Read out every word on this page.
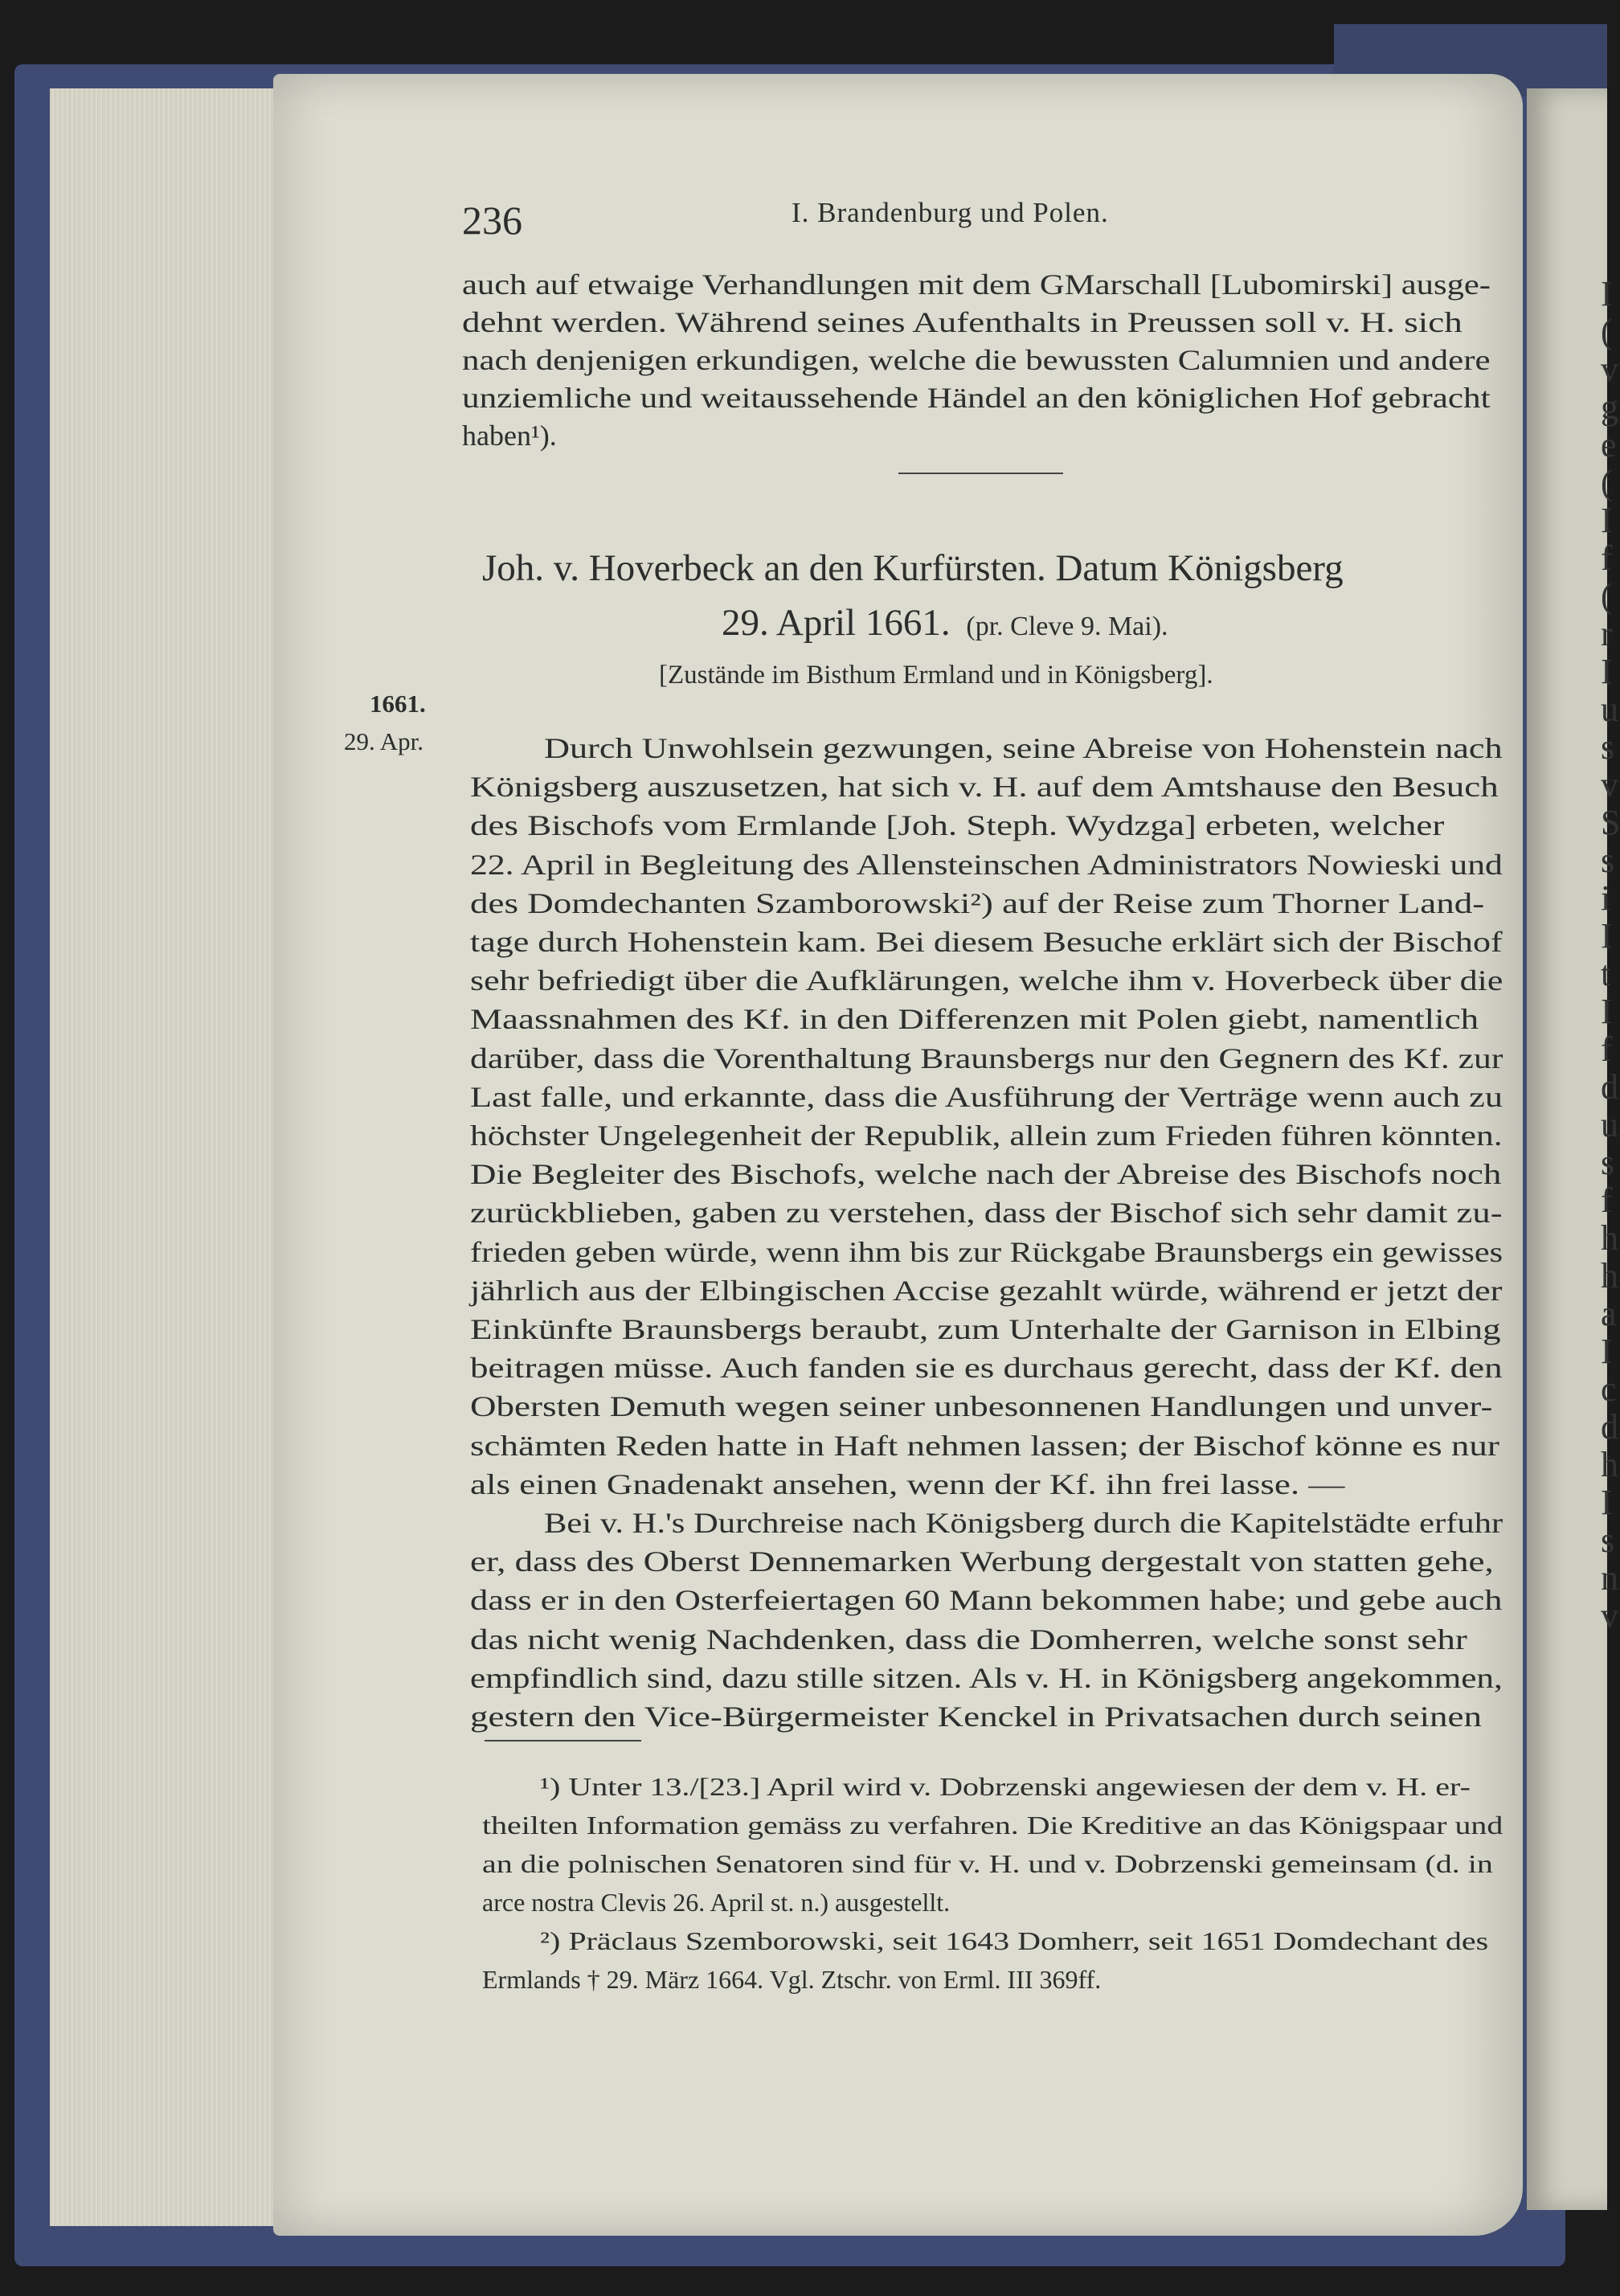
I
(
v
g
e
(
I
f
(
r
I
u
s
v
S
s
i
I
t
I
f
d
u
s
f
h
h
a
I
c
d
h
I
s
n
v
236	I. Brandenburg und Polen.
auch auf etwaige Verhandlungen mit dem GMarschall [Lubomirski] ausge-
dehnt werden. Während seines Aufenthalts in Preussen soll v. H. sich
nach denjenigen erkundigen, welche die bewussten Calumnien und andere
unziemliche und weitaussehende Händel an den königlichen Hof gebracht
haben¹).
Joh. v. Hoverbeck an den Kurfürsten. Datum Königsberg
29. April 1661. (pr. Cleve 9. Mai).
[Zustände im Bisthum Ermland und in Königsberg].
1661.
29. Apr.	Durch Unwohlsein gezwungen, seine Abreise von Hohenstein nach
Königsberg auszusetzen, hat sich v. H. auf dem Amtshause den Besuch
des Bischofs vom Ermlande [Joh. Steph. Wydzga] erbeten, welcher
22. April in Begleitung des Allensteinschen Administrators Nowieski und
des Domdechanten Szamborowski²) auf der Reise zum Thorner Land-
tage durch Hohenstein kam. Bei diesem Besuche erklärt sich der Bischof
sehr befriedigt über die Aufklärungen, welche ihm v. Hoverbeck über die
Maassnahmen des Kf. in den Differenzen mit Polen giebt, namentlich
darüber, dass die Vorenthaltung Braunsbergs nur den Gegnern des Kf. zur
Last falle, und erkannte, dass die Ausführung der Verträge wenn auch zu
höchster Ungelegenheit der Republik, allein zum Frieden führen könnten.
Die Begleiter des Bischofs, welche nach der Abreise des Bischofs noch
zurückblieben, gaben zu verstehen, dass der Bischof sich sehr damit zu-
frieden geben würde, wenn ihm bis zur Rückgabe Braunsbergs ein gewisses
jährlich aus der Elbingischen Accise gezahlt würde, während er jetzt der
Einkünfte Braunsbergs beraubt, zum Unterhalte der Garnison in Elbing
beitragen müsse. Auch fanden sie es durchaus gerecht, dass der Kf. den
Obersten Demuth wegen seiner unbesonnenen Handlungen und unver-
schämten Reden hatte in Haft nehmen lassen; der Bischof könne es nur
als einen Gnadenakt ansehen, wenn der Kf. ihn frei lasse. —
Bei v. H.'s Durchreise nach Königsberg durch die Kapitelstädte erfuhr
er, dass des Oberst Dennemarken Werbung dergestalt von statten gehe,
dass er in den Osterfeiertagen 60 Mann bekommen habe; und gebe auch
das nicht wenig Nachdenken, dass die Domherren, welche sonst sehr
empfindlich sind, dazu stille sitzen. Als v. H. in Königsberg angekommen,
gestern den Vice-Bürgermeister Kenckel in Privatsachen durch seinen
¹) Unter 13./[23.] April wird v. Dobrzenski angewiesen der dem v. H. er-
theilten Information gemäss zu verfahren. Die Kreditive an das Königspaar und
an die polnischen Senatoren sind für v. H. und v. Dobrzenski gemeinsam (d. in
arce nostra Clevis 26. April st. n.) ausgestellt.
²) Präclaus Szemborowski, seit 1643 Domherr, seit 1651 Domdechant des
Ermlands † 29. März 1664. Vgl. Ztschr. von Erml. III 369ff.
